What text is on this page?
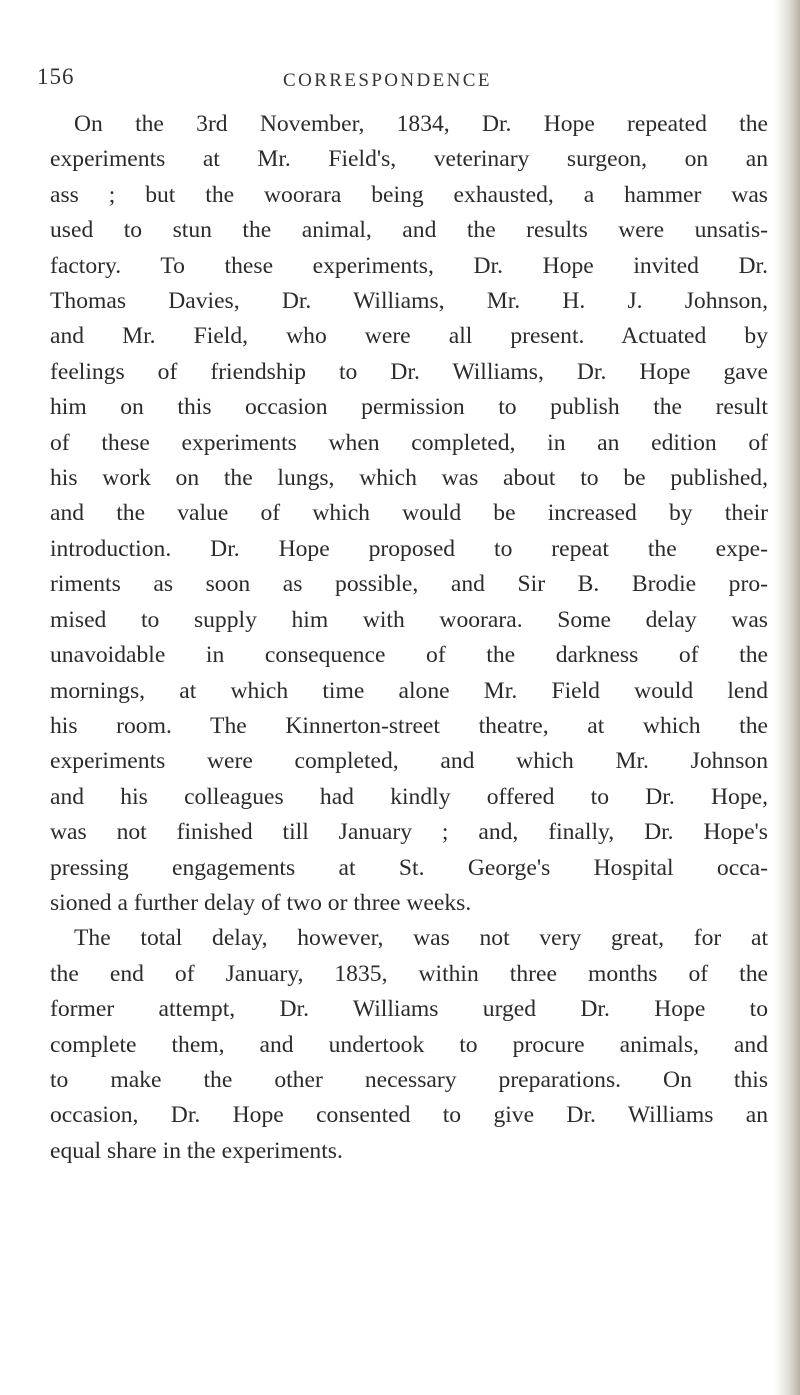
156	CORRESPONDENCE
On the 3rd November, 1834, Dr. Hope repeated the
experiments at Mr. Field's, veterinary surgeon, on an
ass ; but the woorara being exhausted, a hammer was
used to stun the animal, and the results were unsatis-
factory. To these experiments, Dr. Hope invited Dr.
Thomas Davies, Dr. Williams, Mr. H. J. Johnson,
and Mr. Field, who were all present. Actuated by
feelings of friendship to Dr. Williams, Dr. Hope gave
him on this occasion permission to publish the result
of these experiments when completed, in an edition of
his work on the lungs, which was about to be published,
and the value of which would be increased by their
introduction. Dr. Hope proposed to repeat the expe-
riments as soon as possible, and Sir B. Brodie pro-
mised to supply him with woorara. Some delay was
unavoidable in consequence of the darkness of the
mornings, at which time alone Mr. Field would lend
his room. The Kinnerton-street theatre, at which the
experiments were completed, and which Mr. Johnson
and his colleagues had kindly offered to Dr. Hope,
was not finished till January ; and, finally, Dr. Hope's
pressing engagements at St. George's Hospital occa-
sioned a further delay of two or three weeks.
The total delay, however, was not very great, for at
the end of January, 1835, within three months of the
former attempt, Dr. Williams urged Dr. Hope to
complete them, and undertook to procure animals, and
to make the other necessary preparations. On this
occasion, Dr. Hope consented to give Dr. Williams an
equal share in the experiments.
